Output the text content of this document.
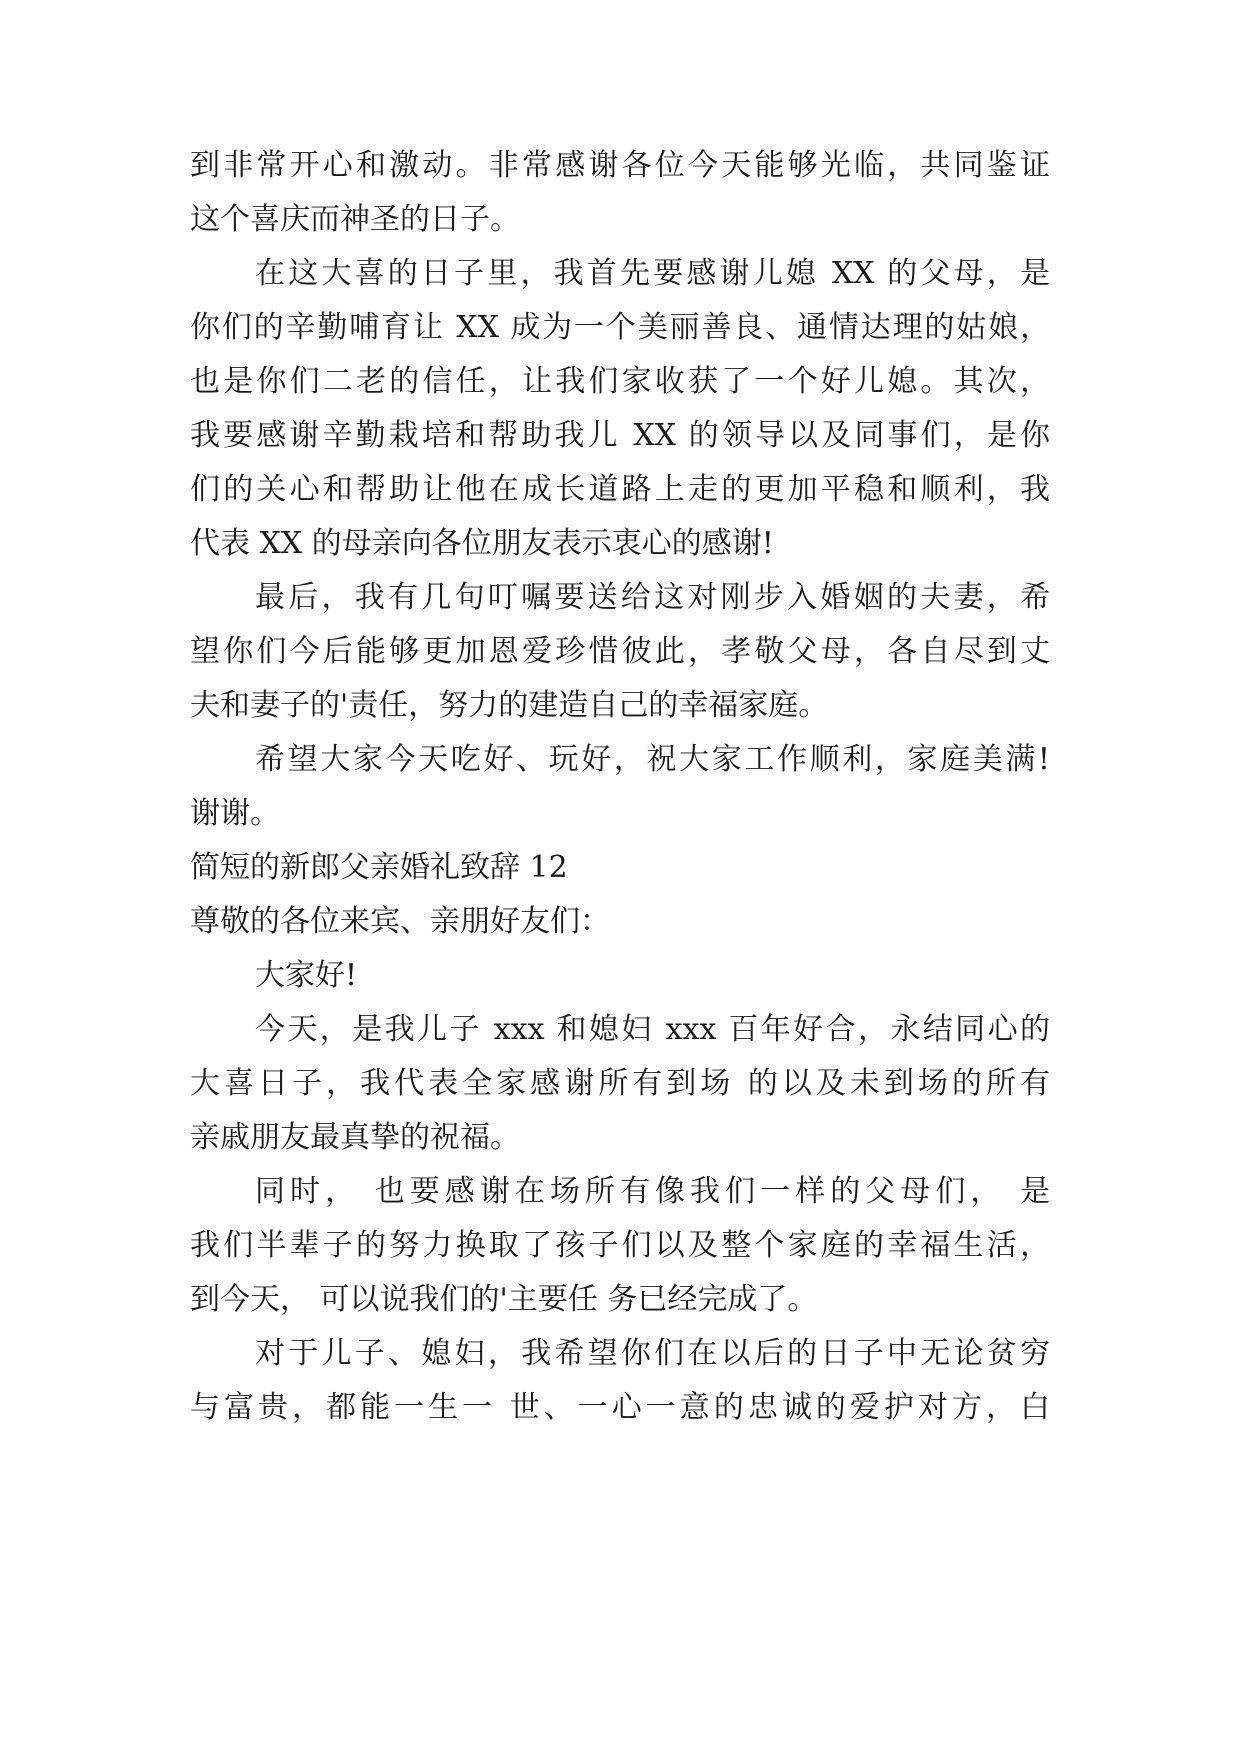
到非常开心和激动。非常感谢各位今天能够光临，共同鉴证
这个喜庆而神圣的日子。
在这大喜的日子里，我首先要感谢儿媳 XX 的父母，是
你们的辛勤哺育让 XX 成为一个美丽善良、通情达理的姑娘，
也是你们二老的信任，让我们家收获了一个好儿媳。其次，
我要感谢辛勤栽培和帮助我儿 XX 的领导以及同事们，是你
们的关心和帮助让他在成长道路上走的更加平稳和顺利，我
代表 XX 的母亲向各位朋友表示衷心的感谢!
最后，我有几句叮嘱要送给这对刚步入婚姻的夫妻，希
望你们今后能够更加恩爱珍惜彼此，孝敬父母，各自尽到丈
夫和妻子的'责任，努力的建造自己的幸福家庭。
希望大家今天吃好、玩好，祝大家工作顺利，家庭美满!
谢谢。
简短的新郎父亲婚礼致辞 12
尊敬的各位来宾、亲朋好友们：
大家好!
今天，是我儿子 xxx 和媳妇 xxx 百年好合，永结同心的
大喜日子，我代表全家感谢所有到场 的以及未到场的所有
亲戚朋友最真挚的祝福。
同时， 也要感谢在场所有像我们一样的父母们， 是
我们半辈子的努力换取了孩子们以及整个家庭的幸福生活，
到今天， 可以说我们的'主要任 务已经完成了。
对于儿子、媳妇，我希望你们在以后的日子中无论贫穷
与富贵，都能一生一 世、一心一意的忠诚的爱护对方，白
